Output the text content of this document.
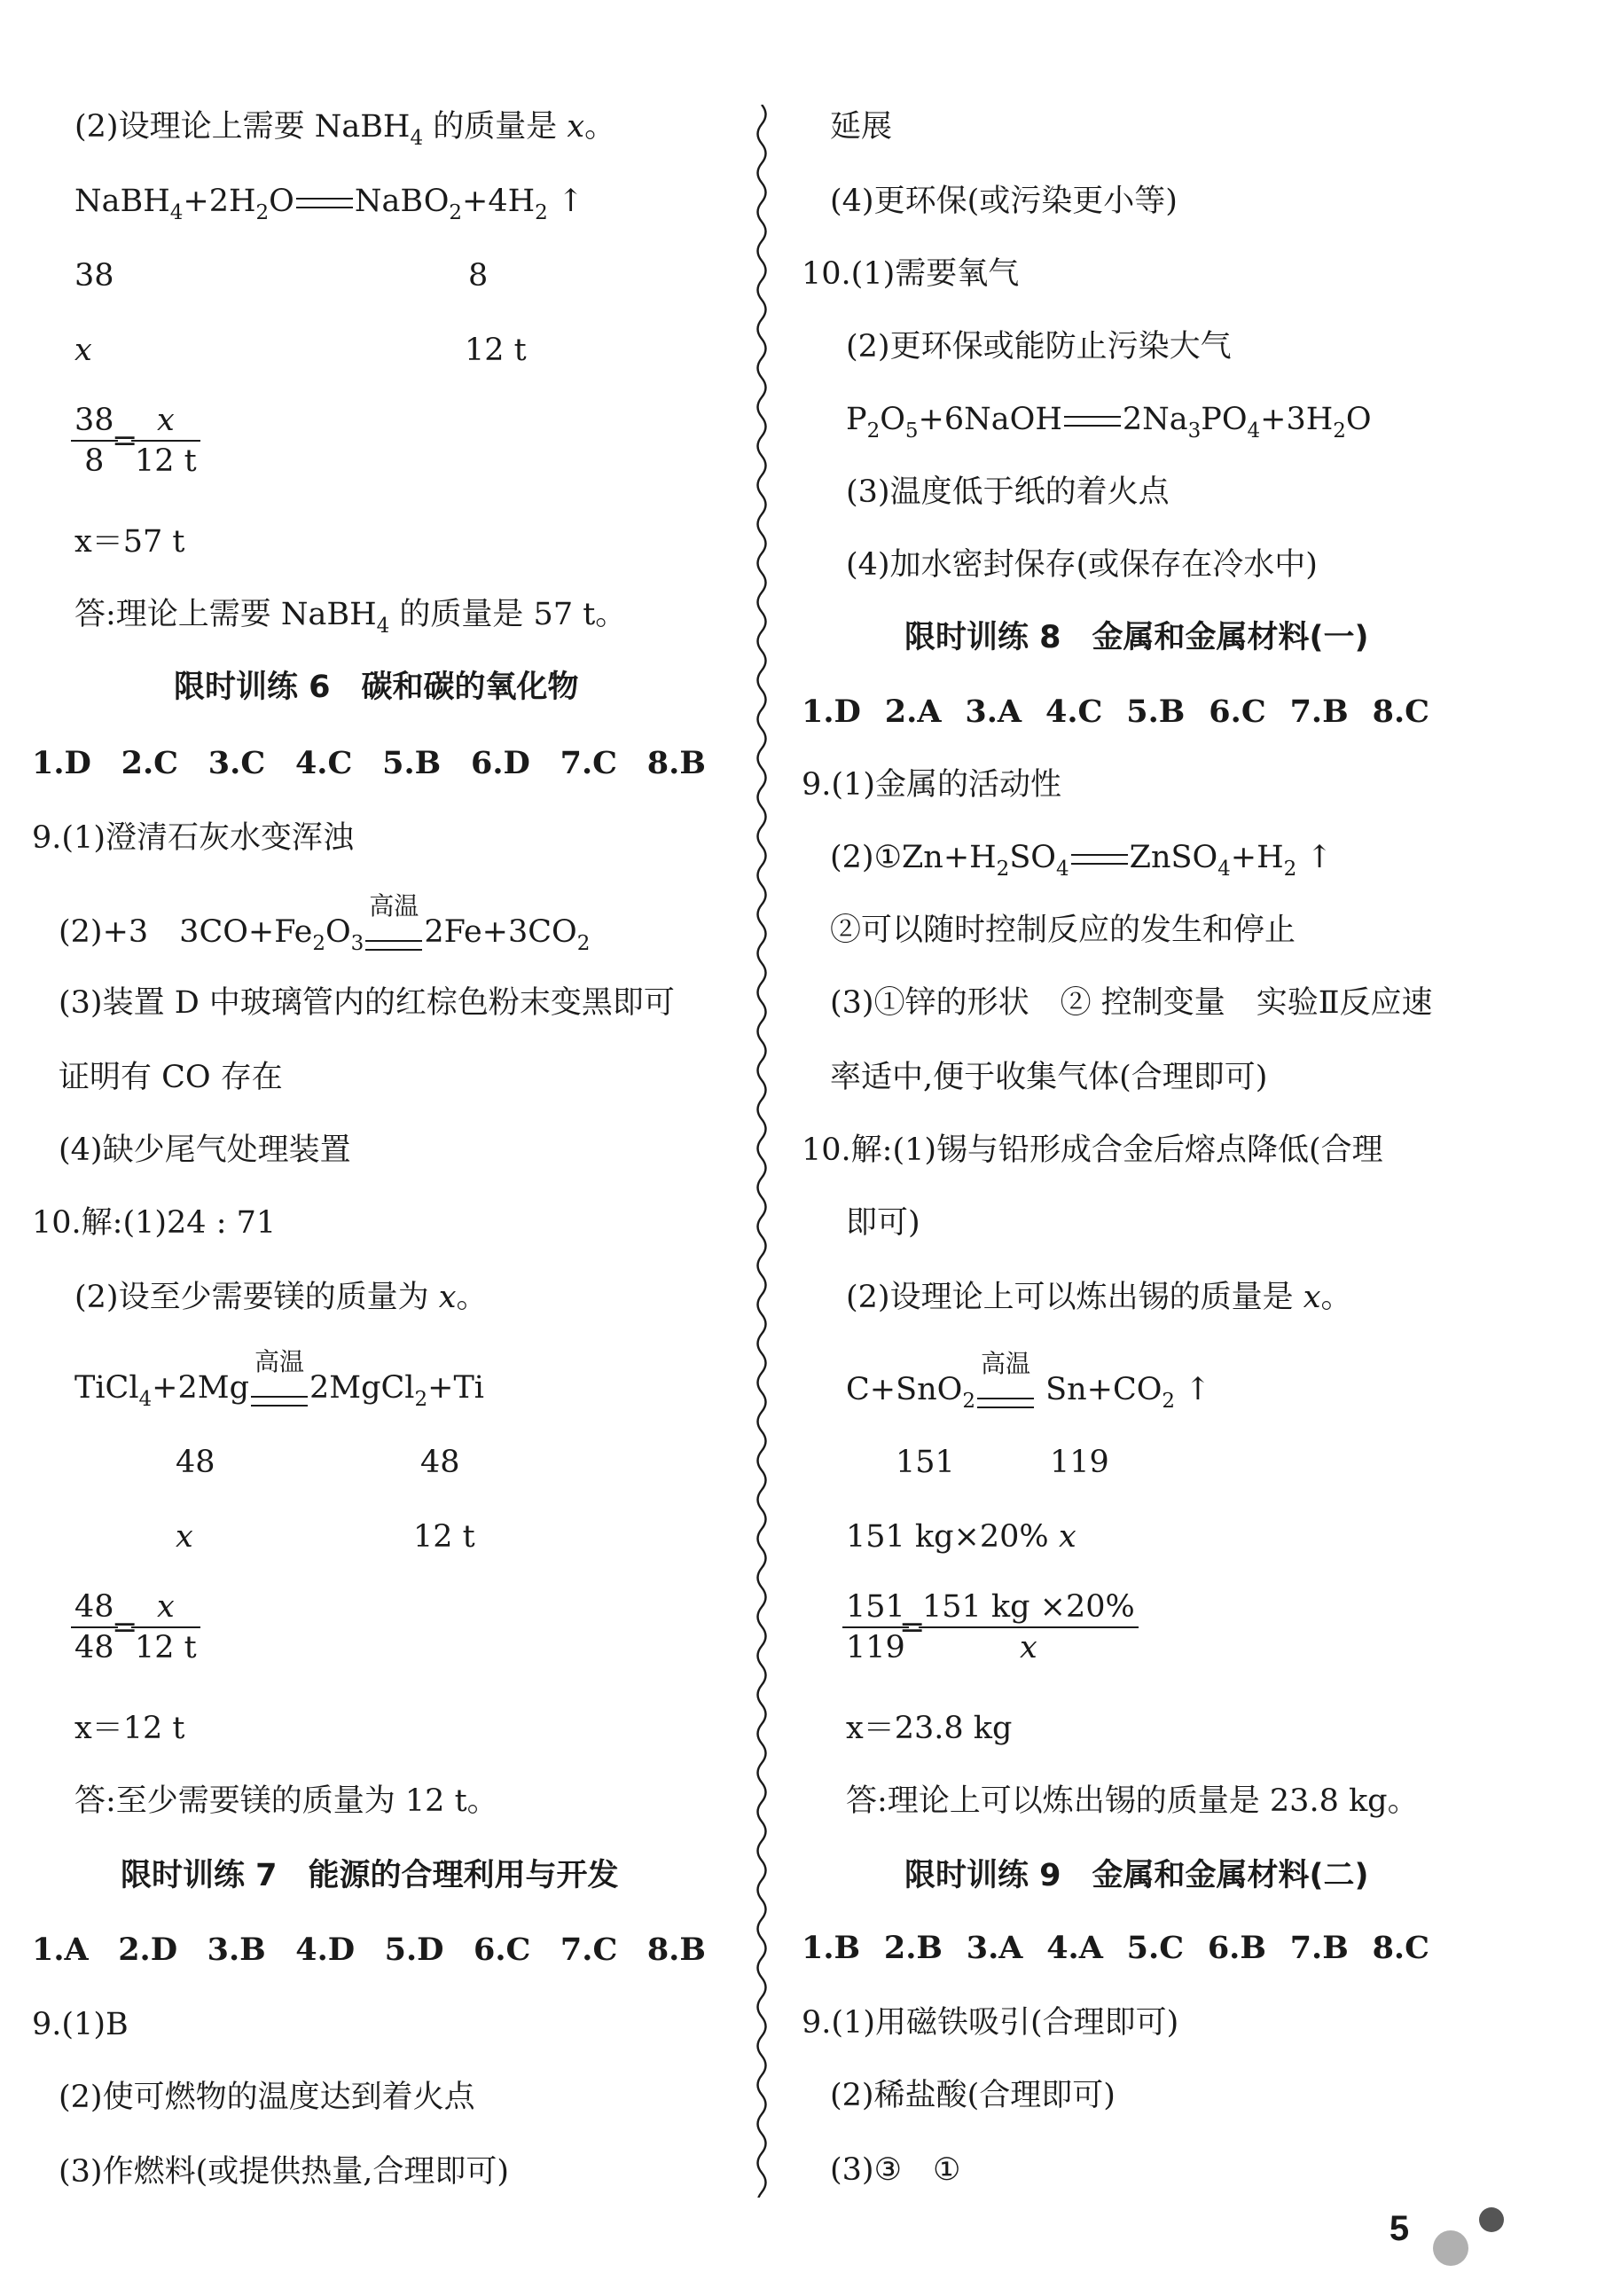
(2)设理论上需要 NaBH$_4$ 的质量是 x。
$NaBH_4+2H_2O$ $NaBO_2+4H_2$ ↑
38	8
x	12 t
$\frac{38}{8}$
=
$\frac{x}{12 t}$
x＝57 t
答:理论上需要 NaBH$_4$ 的质量是 57 t。
限时训练 6　碳和碳的氧化物
1.D 2.C 3.C 4.C 5.B 6.D 7.C 8.B
9.(1)澄清石灰水变浑浊
(2)+3　$3CO+Fe_2O_3$
高温
$2Fe+3CO_2$
(3)装置 D 中玻璃管内的红棕色粉末变黑即可
证明有 CO 存在
(4)缺少尾气处理装置
10.解:(1)24 : 71
(2)设至少需要镁的质量为 x。
TiCl$_4$+2Mg
高温
2MgCl$_2$+Ti
48	48
x	12 t
$\frac{48}{48}$
=
$\frac{x}{12 t}$
x＝12 t
答:至少需要镁的质量为 12 t。
限时训练 7　能源的合理利用与开发
1.A 2.D 3.B 4.D 5.D 6.C 7.C 8.B
9.(1)B
(2)使可燃物的温度达到着火点
(3)作燃料(或提供热量,合理即可)
延展
(4)更环保(或污染更小等)
10.(1)需要氧气
(2)更环保或能防止污染大气
$P_2O_5+6NaOH$ $2Na_3PO_4+3H_2O$
(3)温度低于纸的着火点
(4)加水密封保存(或保存在冷水中)
限时训练 8　金属和金属材料(一)
1.D 2.A 3.A 4.C 5.B 6.C 7.B 8.C
9.(1)金属的活动性
$(2)①Zn+H_2SO_4$ $ZnSO_4+H_2$ ↑
②可以随时控制反应的发生和停止
(3)①锌的形状　② 控制变量　实验Ⅱ反应速
率适中,便于收集气体(合理即可)
10.解:(1)锡与铅形成合金后熔点降低(合理
即可)
(2)设理论上可以炼出锡的质量是 x。
C+SnO$_2$
高温
$Sn+CO_2$ ↑
151	119
151 kg×20% x
$\frac{151}{119}$
=
$\frac{151 kg \times 20\%}{x}$
x＝23.8 kg
答:理论上可以炼出锡的质量是 23.8 kg。
限时训练 9　金属和金属材料(二)
1.B 2.B 3.A 4.A 5.C 6.B 7.B 8.C
9.(1)用磁铁吸引(合理即可)
(2)稀盐酸(合理即可)
(3)③　①
5
